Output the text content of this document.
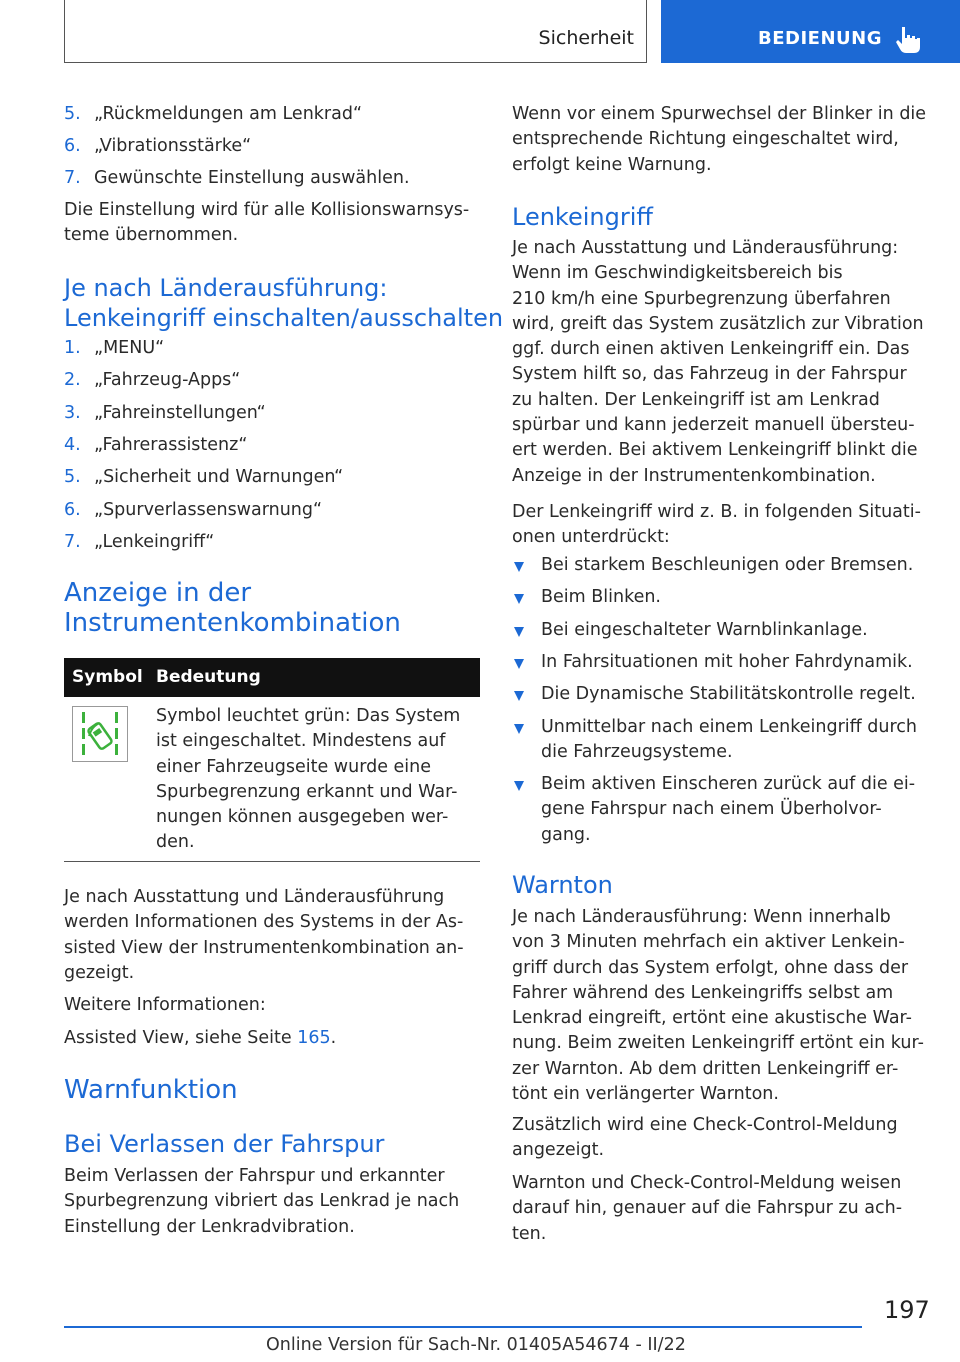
Sicherheit	BEDIENUNG
5. „Rückmeldungen am Lenkrad“
6. „Vibrationsstärke“
7. Gewünschte Einstellung auswählen.
Die Einstellung wird für alle Kollisionswarnsys-
teme übernommen.
Je nach Länderausführung:
Lenkeingriff einschalten/ausschalten
1. „MENU“
2. „Fahrzeug-Apps“
3. „Fahreinstellungen“
4. „Fahrerassistenz“
5. „Sicherheit und Warnungen“
6. „Spurverlassenswarnung“
7. „Lenkeingriff“
Anzeige in der
Instrumentenkombination
Symbol Bedeutung
Symbol leuchtet grün: Das System
ist eingeschaltet. Mindestens auf
einer Fahrzeugseite wurde eine
Spurbegrenzung erkannt und War-
nungen können ausgegeben wer-
den.
Je nach Ausstattung und Länderausführung
werden Informationen des Systems in der As-
sisted View der Instrumentenkombination an-
gezeigt.
Weitere Informationen:
Assisted View, siehe Seite 165.
Warnfunktion
Bei Verlassen der Fahrspur
Beim Verlassen der Fahrspur und erkannter
Spurbegrenzung vibriert das Lenkrad je nach
Einstellung der Lenkradvibration.
Wenn vor einem Spurwechsel der Blinker in die
entsprechende Richtung eingeschaltet wird,
erfolgt keine Warnung.
Lenkeingriff
Je nach Ausstattung und Länderausführung:
Wenn im Geschwindigkeitsbereich bis
210 km/h eine Spurbegrenzung überfahren
wird, greift das System zusätzlich zur Vibration
ggf. durch einen aktiven Lenkeingriff ein. Das
System hilft so, das Fahrzeug in der Fahrspur
zu halten. Der Lenkeingriff ist am Lenkrad
spürbar und kann jederzeit manuell übersteu-
ert werden. Bei aktivem Lenkeingriff blinkt die
Anzeige in der Instrumentenkombination.
Der Lenkeingriff wird z. B. in folgenden Situati-
onen unterdrückt:
Bei starkem Beschleunigen oder Bremsen.
Beim Blinken.
Bei eingeschalteter Warnblinkanlage.
In Fahrsituationen mit hoher Fahrdynamik.
Die Dynamische Stabilitätskontrolle regelt.
Unmittelbar nach einem Lenkeingriff durch
die Fahrzeugsysteme.
Beim aktiven Einscheren zurück auf die ei-
gene Fahrspur nach einem Überholvor-
gang.
Warnton
Je nach Länderausführung: Wenn innerhalb
von 3 Minuten mehrfach ein aktiver Lenkein-
griff durch das System erfolgt, ohne dass der
Fahrer während des Lenkeingriffs selbst am
Lenkrad eingreift, ertönt eine akustische War-
nung. Beim zweiten Lenkeingriff ertönt ein kur-
zer Warnton. Ab dem dritten Lenkeingriff er-
tönt ein verlängerter Warnton.
Zusätzlich wird eine Check-Control-Meldung
angezeigt.
Warnton und Check-Control-Meldung weisen
darauf hin, genauer auf die Fahrspur zu ach-
ten.
197
Online Version für Sach-Nr. 01405A54674 - II/22
